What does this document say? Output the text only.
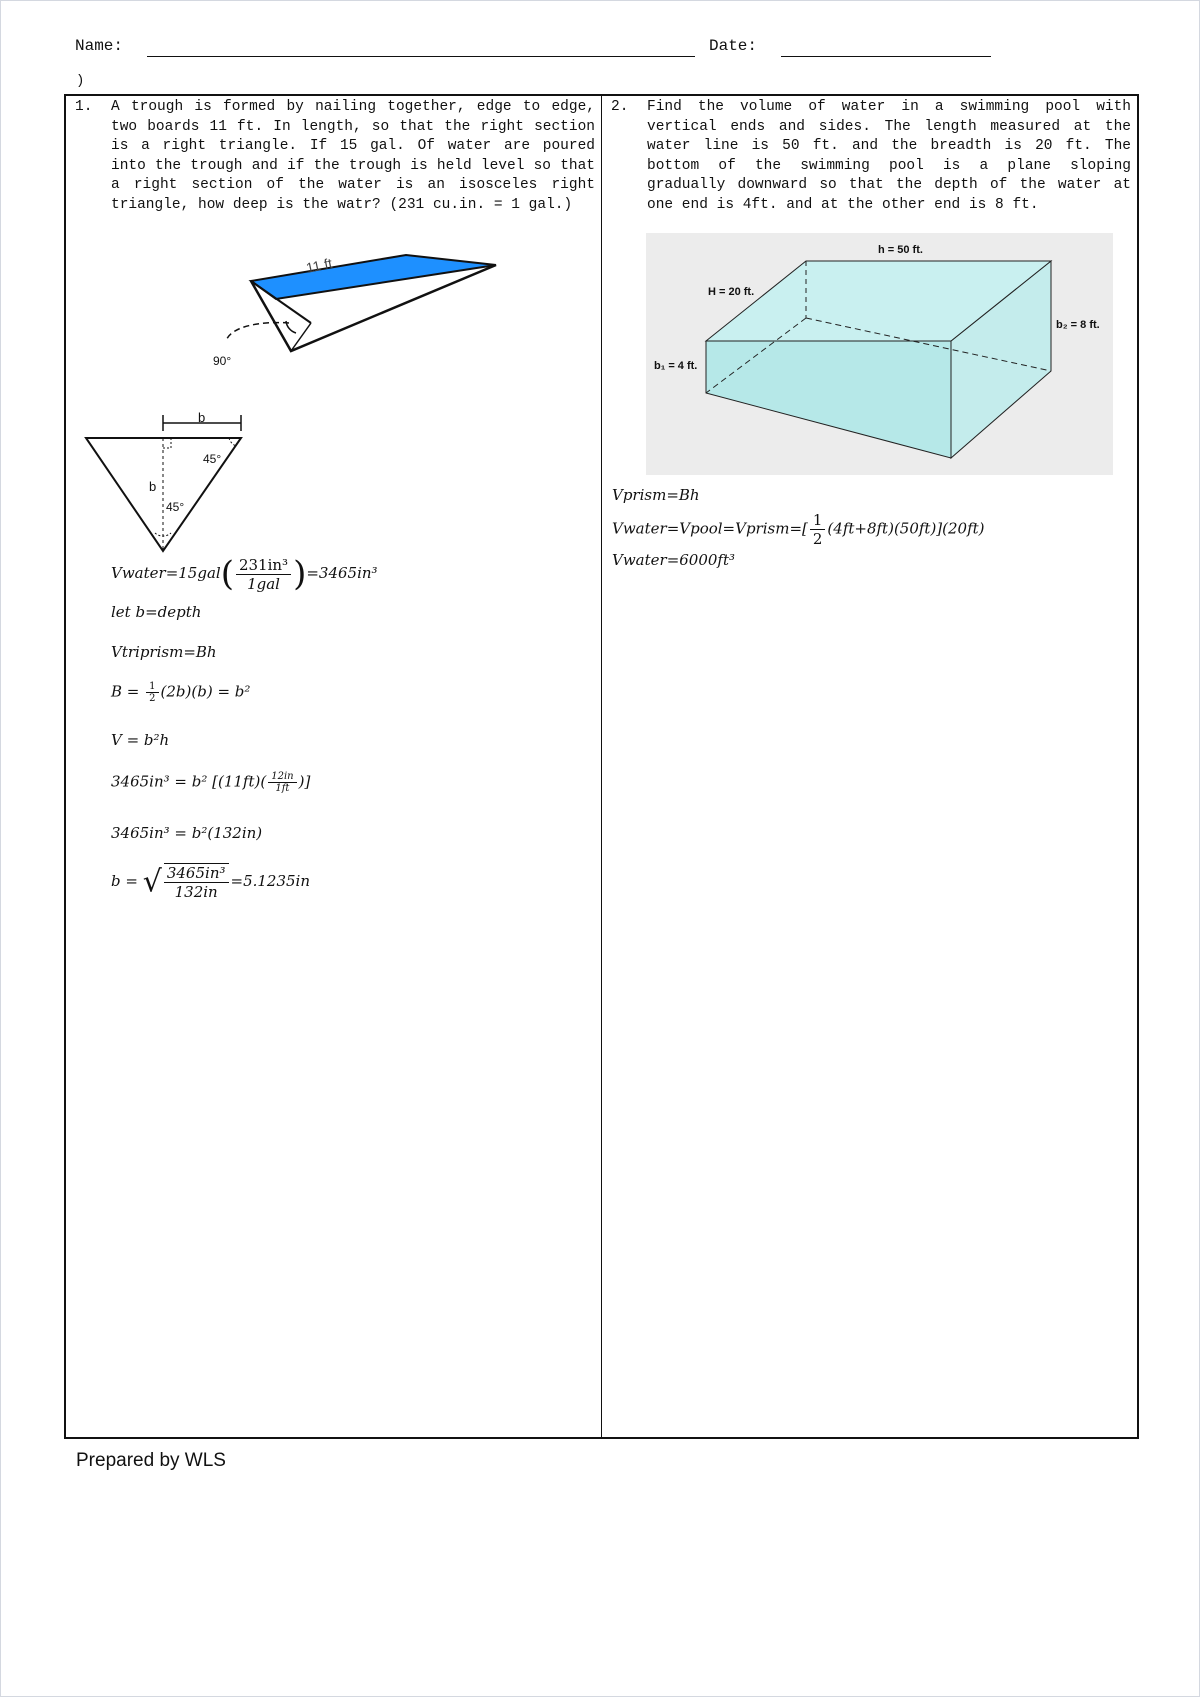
Name:	Date:
)
1. A trough is formed by nailing together, edge to edge, two boards 11 ft. In length, so that the right section is a right triangle. If 15 gal. Of water are poured into the trough and if the trough is held level so that a right section of the water is an isosceles right triangle, how deep is the watr? (231 cu.in. = 1 gal.)
11 ft
90°
b
b
45°
45°
Vwater=15gal( $\frac{\text{231in³}}{\text{1gal}} )=3465in^3$
let b=depth
Vtriprism=Bh
$B = \frac{1}{2} (2b)(b) = b^2$
V = b²h
3465in³ = b² [$(11ft)( \frac{12in}{1ft}$ )]
3465in³ = b²(132in)
b = √ $\frac{\text{3465in³}}{132in} =5.1235in$
2. Find the volume of water in a swimming pool with vertical ends and sides. The length measured at the water line is 50 ft. and the breadth is 20 ft. The bottom of the swimming pool is a plane sloping gradually downward so that the depth of the water at one end is 4ft. and at the other end is 8 ft.
h = 50 ft.
H = 20 ft.
b₂ = 8 ft.
b₁ = 4 ft.
Vprism=Bh
Vwater=Vpool=Vprism=[ $\frac{1}{2} (4ft+8ft)(50ft)](20ft)$
Vwater=6000ft³
Prepared by WLS
